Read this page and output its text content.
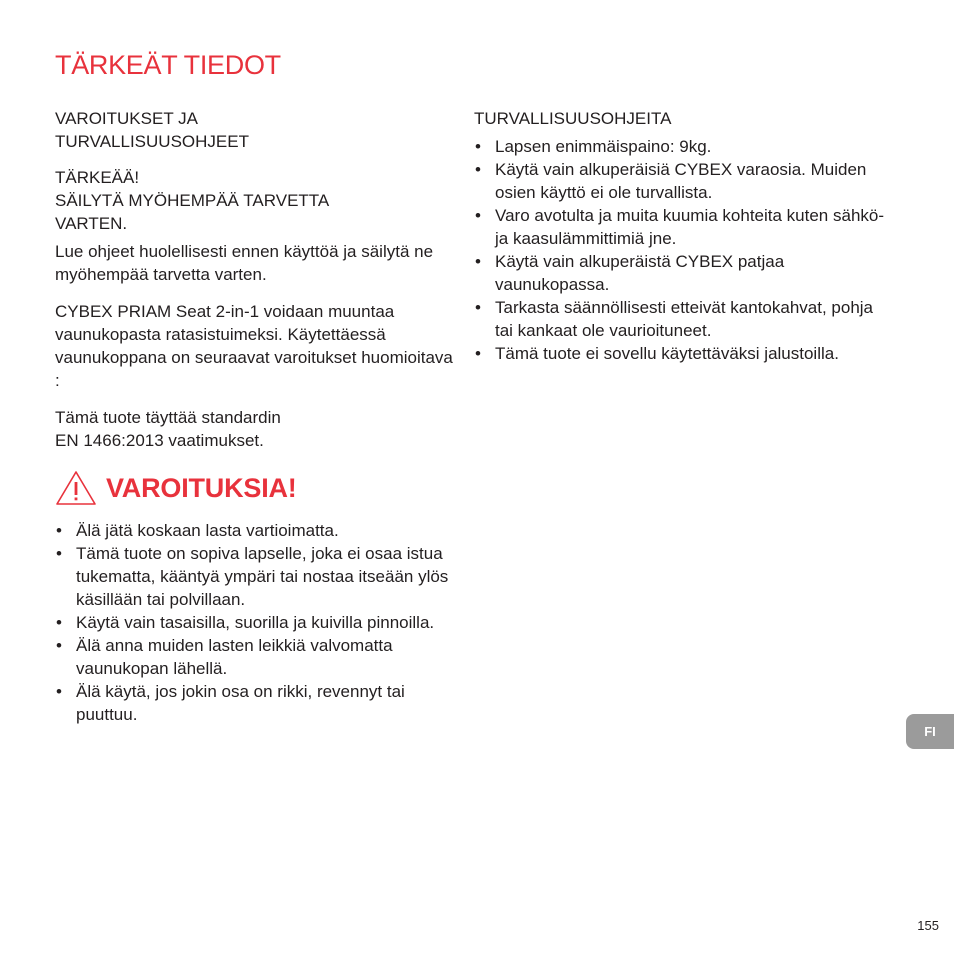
TÄRKEÄT TIEDOT

VAROITUKSET JA
TURVALLISUUSOHJEET

TÄRKEÄÄ!
SÄILYTÄ MYÖHEMPÄÄ TARVETTA
VARTEN.

Lue ohjeet huolellisesti ennen käyttöä ja säilytä ne myöhempää tarvetta varten.

CYBEX PRIAM Seat 2-in-1 voidaan muuntaa vaunukopasta ratasistuimeksi. Käytettäessä vaunukoppana on seuraavat varoitukset huomioitava :

Tämä tuote täyttää standardin
EN 1466:2013 vaatimukset.

VAROITUKSIA!
• Älä jätä koskaan lasta vartioimatta.
• Tämä tuote on sopiva lapselle, joka ei osaa istua tukematta, kääntyä ympäri tai nostaa itseään ylös käsillään tai polvillaan.
• Käytä vain tasaisilla, suorilla ja kuivilla pinnoilla.
• Älä anna muiden lasten leikkiä valvomatta vaunukopan lähellä.
• Älä käytä, jos jokin osa on rikki, revennyt tai puuttuu.

TURVALLISUUSOHJEITA

• Lapsen enimmäispaino: 9kg.
• Käytä vain alkuperäisiä CYBEX varaosia. Muiden osien käyttö ei ole turvallista.
• Varo avotulta ja muita kuumia kohteita kuten sähkö- ja kaasulämmittimiä jne.
• Käytä vain alkuperäistä CYBEX patjaa vaunukopassa.
• Tarkasta säännöllisesti etteivät kantokahvat, pohja tai kankaat ole vaurioituneet.
• Tämä tuote ei sovellu käytettäväksi jalustoilla.
FI
155
